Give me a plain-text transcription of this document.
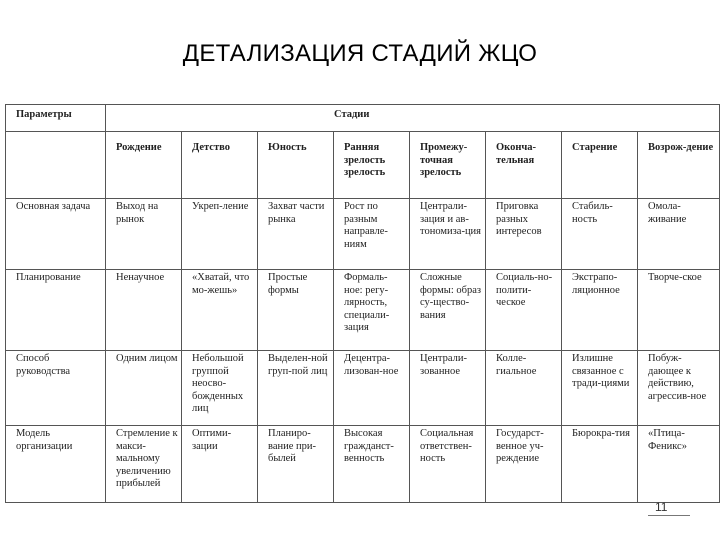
ДЕТАЛИЗАЦИЯ СТАДИЙ ЖЦО
Параметры	Стадии							
	Рождение	Детство	Юность	Ранняя зрелость зрелость	Промежу-точная зрелость	Оконча-тельная	Старение	Возрож-дение
Основная задача	Выход на рынок	Укреп-ление	Захват части рынка	Рост по разным направле-ниям	Централи-зация и ав-тономиза-ция	Приговка разных интересов	Стабиль-ность	Омола-живание
Планирование	Ненаучное	«Хватай, что мо-жешь»	Простые формы	Формаль-ное: регу-лярность, специали-зация	Сложные формы: образ су-щество-вания	Социаль-но-полити-ческое	Экстрапо-ляционное	Творче-ское
Способ руководства	Одним лицом	Небольшой группой неосво-божденных лиц	Выделен-ной груп-пой лиц	Децентра-лизован-ное	Централи-зованное	Колле-гиальное	Излишне связанное с тради-циями	Побуж-дающее к действию, агрессив-ное
Модель организации	Стремление к макси-мальному увеличению прибылей	Оптими-зации	Планиро-вание при-былей	Высокая гражданст-венность	Социальная ответствен-ность	Государст-венное уч-реждение	Бюрокра-тия	«Птица-Феникс»
11
